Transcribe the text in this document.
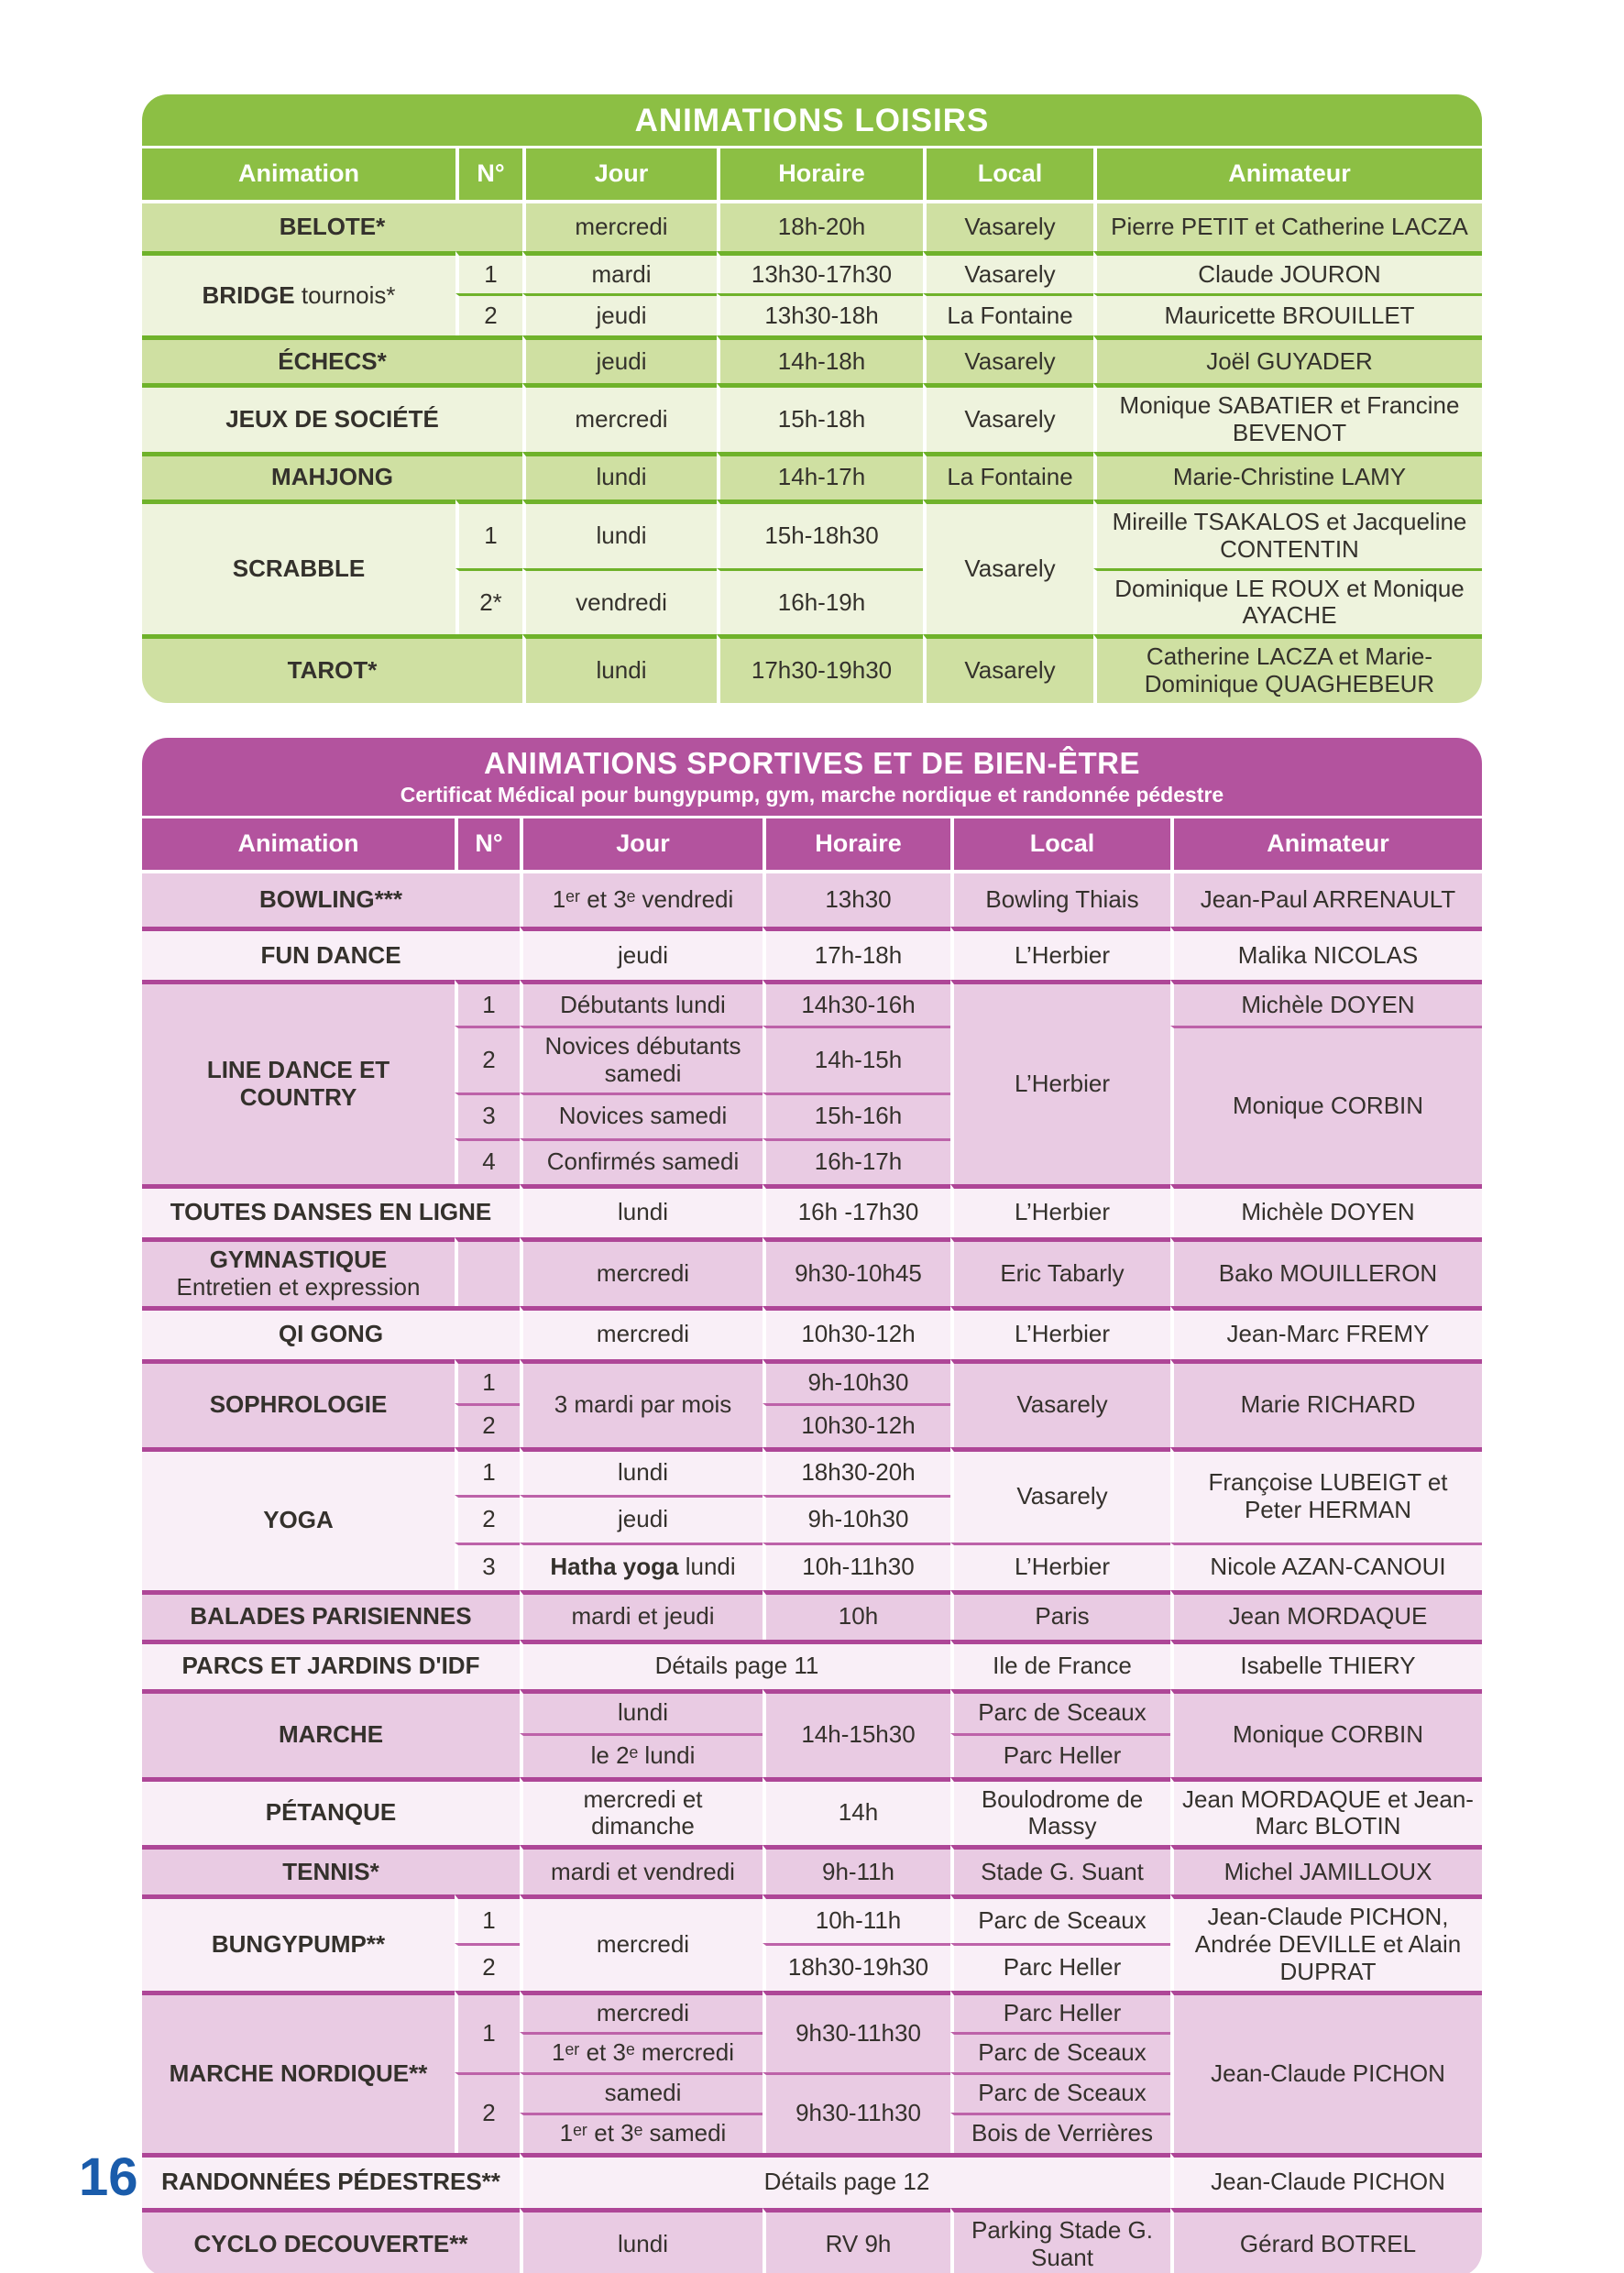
ANIMATIONS LOISIRS
Animation	N°	Jour	Horaire	Local	Animateur
BELOTE*		mercredi	18h-20h	Vasarely	Pierre PETIT et Catherine LACZA
BRIDGE tournois*	1	mardi	13h30-17h30	Vasarely	Claude JOURON
	2	jeudi	13h30-18h	La Fontaine	Mauricette BROUILLET
ÉCHECS*		jeudi	14h-18h	Vasarely	Joël GUYADER
JEUX DE SOCIÉTÉ		mercredi	15h-18h	Vasarely	Monique SABATIER et Francine BEVENOT
MAHJONG		lundi	14h-17h	La Fontaine	Marie-Christine LAMY
SCRABBLE	1	lundi	15h-18h30	Vasarely	Mireille TSAKALOS et Jacqueline CONTENTIN
	2*	vendredi	16h-19h		Dominique LE ROUX et Monique AYACHE
TAROT*		lundi	17h30-19h30	Vasarely	Catherine LACZA et Marie-Dominique QUAGHEBEUR
ANIMATIONS SPORTIVES ET DE BIEN-ÊTRE
Certificat Médical pour bungypump, gym, marche nordique et randonnée pédestre
Animation	N°	Jour	Horaire	Local	Animateur
BOWLING***		1ᵉʳ et 3ᵉ vendredi	13h30	Bowling Thiais	Jean-Paul ARRENAULT
FUN DANCE		jeudi	17h-18h	L’Herbier	Malika NICOLAS
LINE DANCE ET COUNTRY	1	Débutants lundi	14h30-16h	L’Herbier	Michèle DOYEN
	2	Novices débutants samedi	14h-15h		Monique CORBIN
	3	Novices samedi	15h-16h		
	4	Confirmés samedi	16h-17h		
TOUTES DANSES EN LIGNE		lundi	16h -17h30	L’Herbier	Michèle DOYEN

GYMNASTIQUE
Entretien et expression		mercredi	9h30-10h45	Eric Tabarly	Bako MOUILLERON
QI GONG		mercredi	10h30-12h	L’Herbier	Jean-Marc FREMY
SOPHROLOGIE	1	3 mardi par mois	9h-10h30	Vasarely	Marie RICHARD
	2		10h30-12h		
YOGA	1	lundi	18h30-20h	Vasarely	Françoise LUBEIGT et Peter HERMAN
	2	jeudi	9h-10h30		
	3	Hatha yoga lundi	10h-11h30	L’Herbier	Nicole AZAN-CANOUI
BALADES PARISIENNES		mardi et jeudi	10h	Paris	Jean MORDAQUE
PARCS ET JARDINS D'IDF		Détails page 11		Ile de France	Isabelle THIERY
MARCHE		lundi	14h-15h30	Parc de Sceaux	Monique CORBIN
		le 2ᵉ lundi		Parc Heller	
PÉTANQUE		mercredi et dimanche	14h	Boulodrome de Massy	Jean MORDAQUE et Jean-Marc BLOTIN
TENNIS*		mardi et vendredi	9h-11h	Stade G. Suant	Michel JAMILLOUX
BUNGYPUMP**	1	mercredi	10h-11h	Parc de Sceaux	Jean-Claude PICHON, Andrée DEVILLE et Alain DUPRAT
	2		18h30-19h30	Parc Heller	
MARCHE NORDIQUE**	1	mercredi	9h30-11h30	Parc Heller	Jean-Claude PICHON
		1ᵉʳ et 3ᵉ mercredi		Parc de Sceaux	
	2	samedi	9h30-11h30	Parc de Sceaux	
		1ᵉʳ et 3ᵉ samedi		Bois de Verrières	
RANDONNÉES PÉDESTRES**		Détails page 12			Jean-Claude PICHON
CYCLO DECOUVERTE**		lundi	RV 9h	Parking Stade G. Suant	Gérard BOTREL
16
